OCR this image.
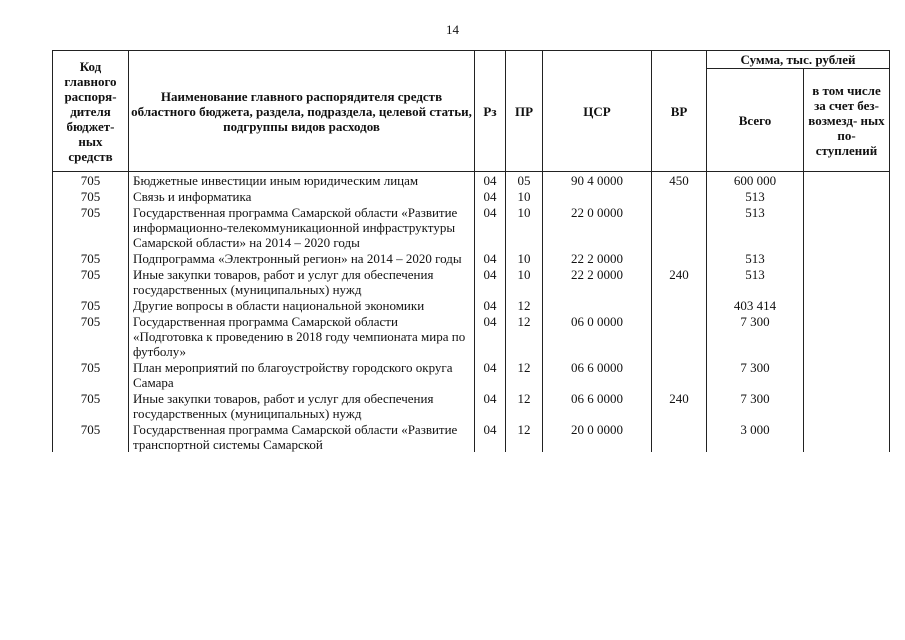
14
Код главного распоря- дителя бюджет- ных средств	Наименование главного распорядителя средств областного бюджета, раздела, подраздела, целевой статьи, подгруппы видов расходов	Рз	ПР	ЦСР	ВР	Сумма, тыс. рублей	
						Всего	в том числе за счет без- возмезд- ных по- ступлений
705	Бюджетные инвестиции иным юридическим лицам	04	05	90 4 0000	450	600 000	
705	Связь и информатика	04	10			513	
705	Государственная программа Самарской области «Развитие информационно-телекоммуникационной инфраструктуры Самарской области» на 2014 – 2020 годы	04	10	22 0 0000		513	
705	Подпрограмма «Электронный регион» на 2014 – 2020 годы	04	10	22 2 0000		513	
705	Иные закупки товаров, работ и услуг для обеспечения государственных (муниципальных) нужд	04	10	22 2 0000	240	513	
705	Другие вопросы в области национальной экономики	04	12			403 414	
705	Государственная программа Самарской области «Подготовка к проведению в 2018 году чемпионата мира по футболу»	04	12	06 0 0000		7 300	
705	План мероприятий по благоустройству городского округа Самара	04	12	06 6 0000		7 300	
705	Иные закупки товаров, работ и услуг для обеспечения государственных (муниципальных) нужд	04	12	06 6 0000	240	7 300	
705	Государственная программа Самарской области «Развитие транспортной системы Самарской	04	12	20 0 0000		3 000	
